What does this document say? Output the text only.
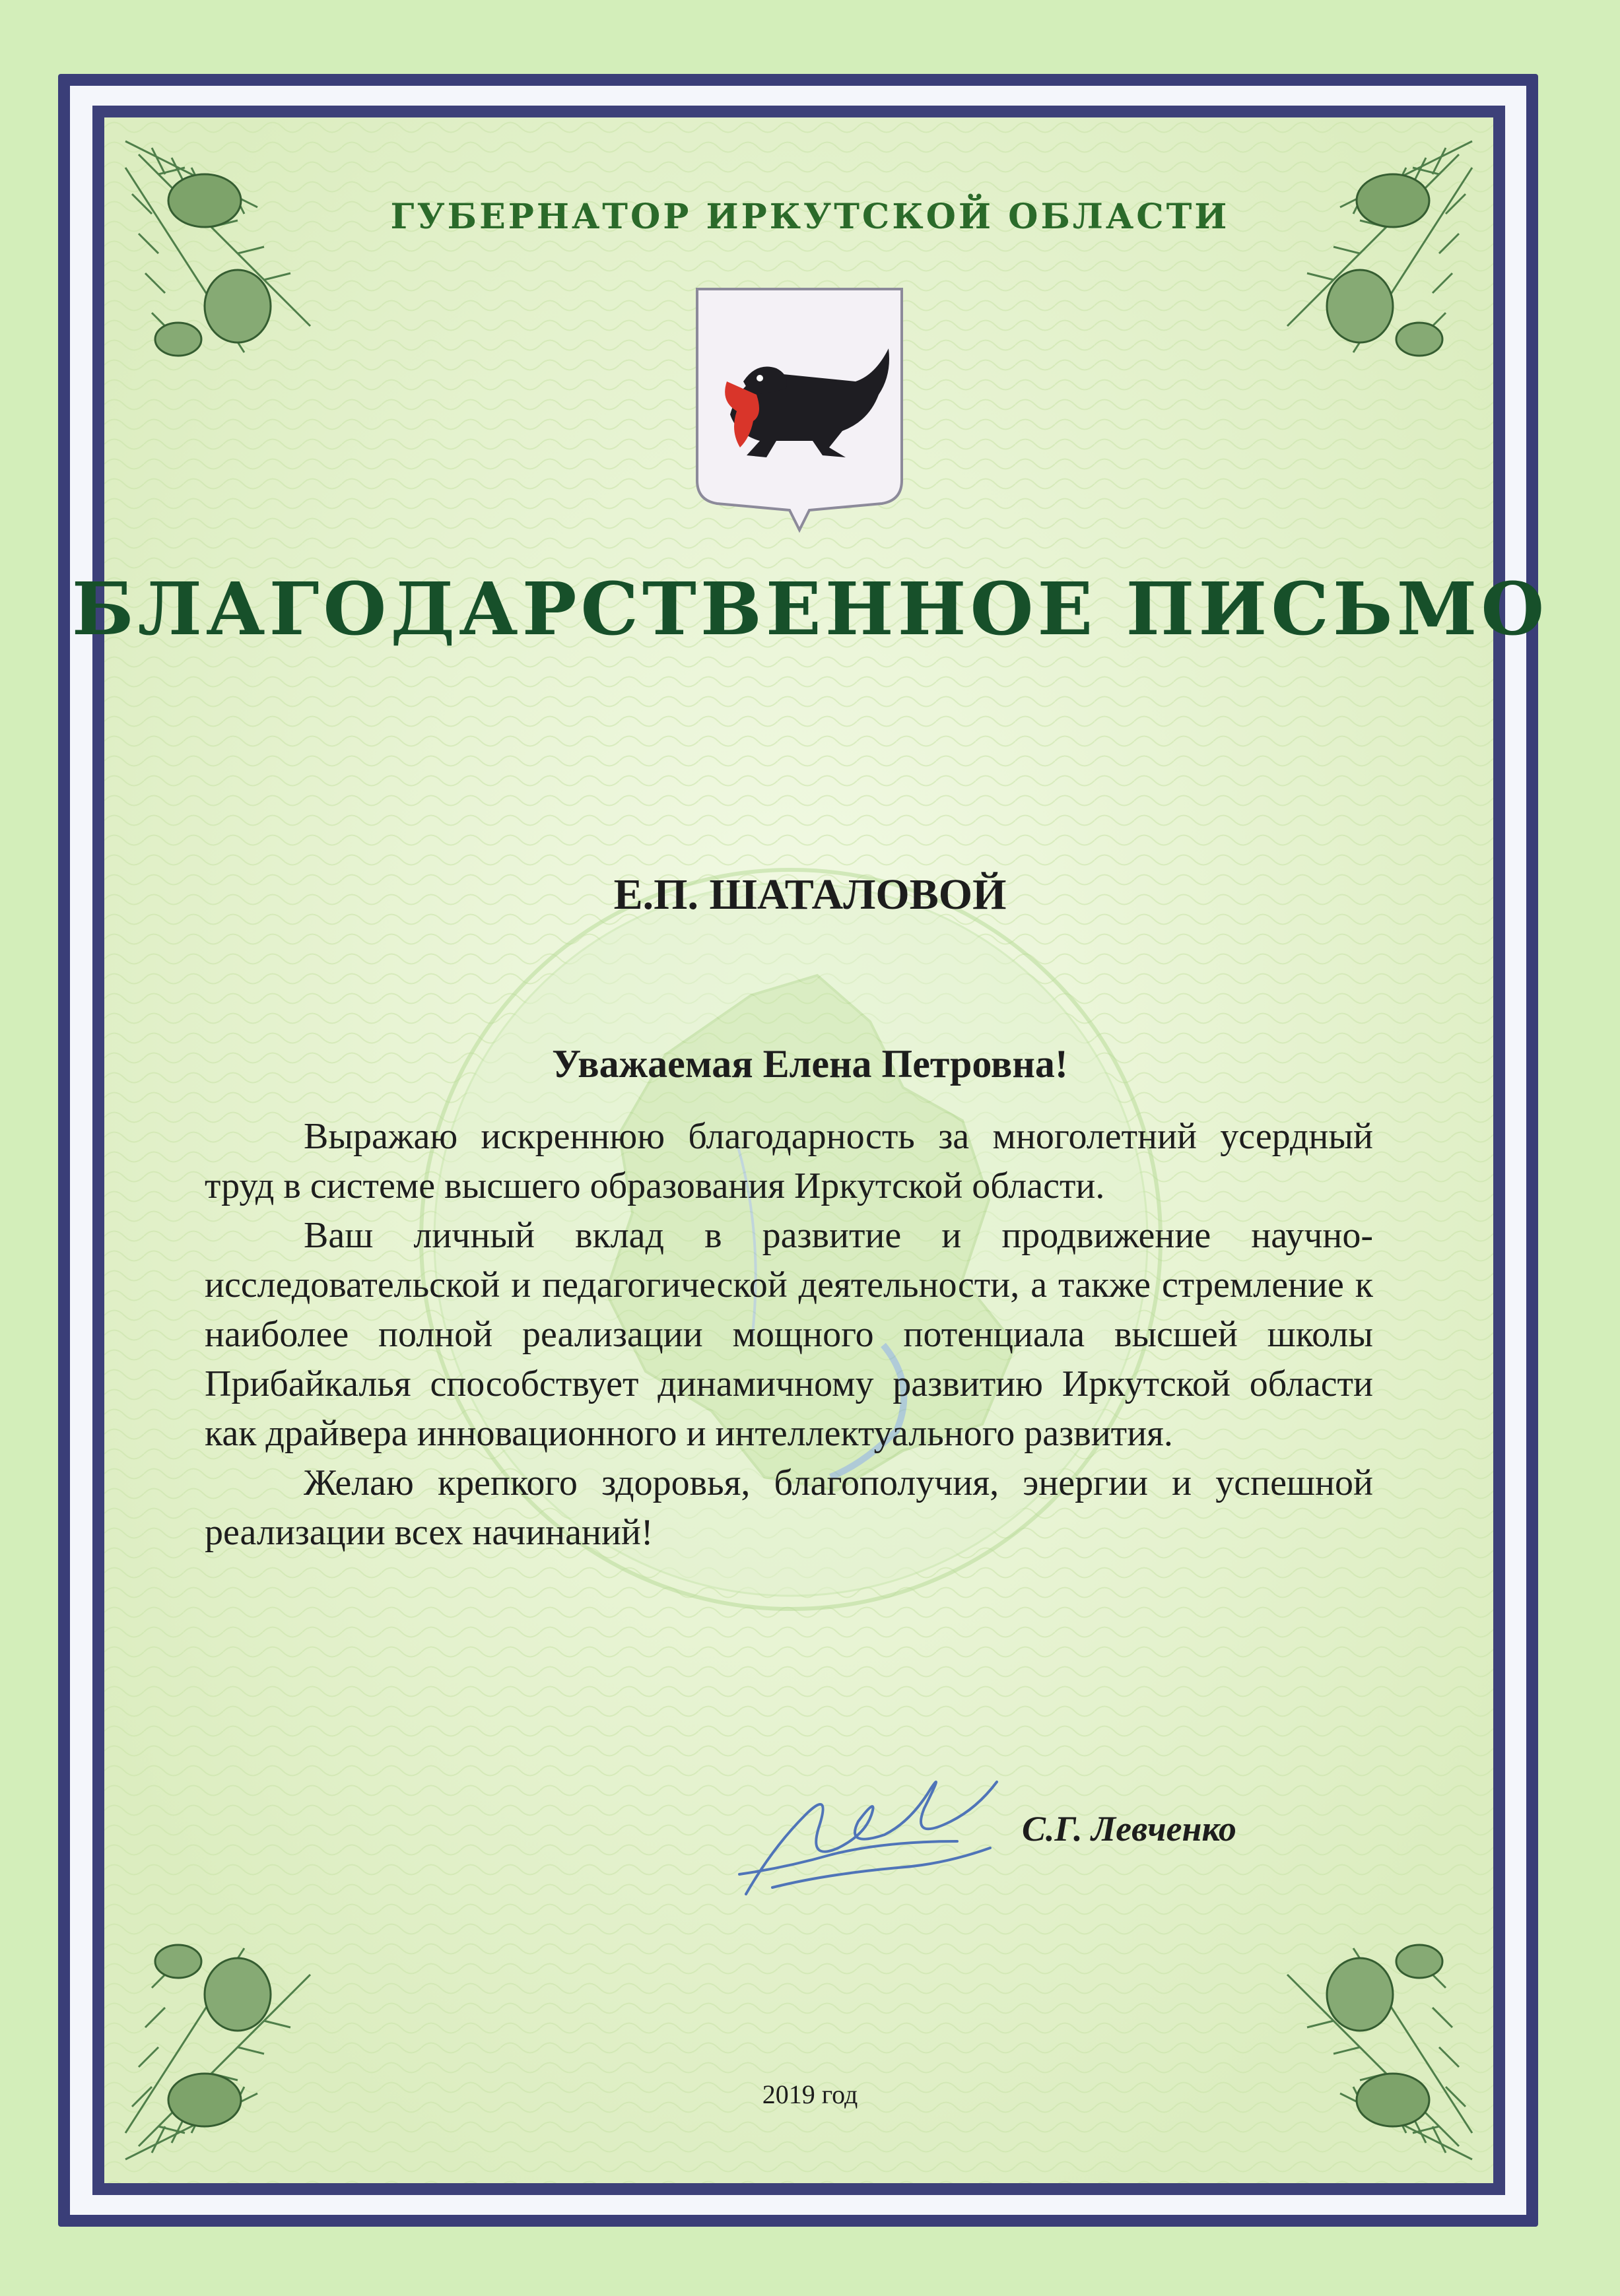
ГУБЕРНАТОР ИРКУТСКОЙ ОБЛАСТИ
БЛАГОДАРСТВЕННОЕ ПИСЬМО
Е.П. ШАТАЛОВОЙ
Уважаемая Елена Петровна!

Выражаю искреннюю благодарность за многолетний усердный труд в системе высшего образования Иркутской области.

Ваш личный вклад в развитие и продвижение научно-исследовательской и педагогической деятельности, а также стремление к наиболее полной реализации мощного потенциала высшей школы Прибайкалья способствует динамичному развитию Иркутской области как драйвера инновационного и интеллектуального развития.

Желаю крепкого здоровья, благополучия, энергии и успешной реализации всех начинаний!

С.Г. Левченко
2019 год
